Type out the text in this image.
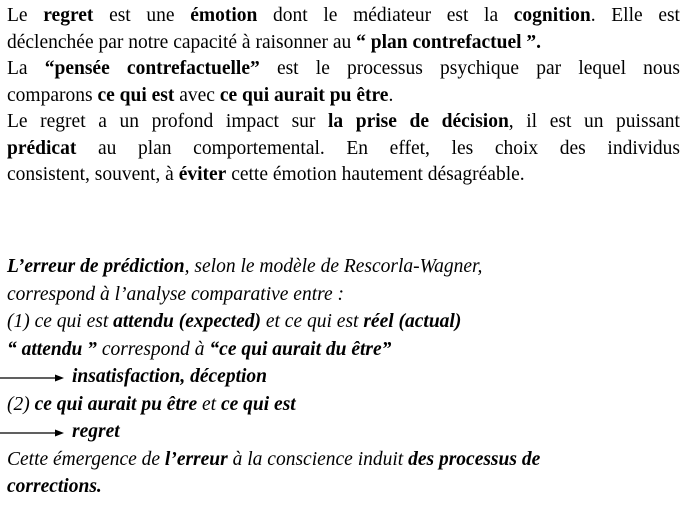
Le regret est une émotion dont le médiateur est la cognition. Elle est
déclenchée par notre capacité à raisonner au “ plan contrefactuel ”.
La “pensée contrefactuelle” est le processus psychique par lequel nous
comparons ce qui est avec ce qui aurait pu être.
Le regret a un profond impact sur la prise de décision, il est un puissant
prédicat au plan comportemental. En effet, les choix des individus
consistent, souvent, à éviter cette émotion hautement désagréable.
L’erreur de prédiction, selon le modèle de Rescorla-Wagner,
correspond à l’analyse comparative entre :
(1) ce qui est attendu (expected) et ce qui est réel (actual)
“ attendu ” correspond à “ce qui aurait du être”
insatisfaction, déception
(2) ce qui aurait pu être et ce qui est
regret
Cette émergence de l’erreur à la conscience induit des processus de
corrections.
